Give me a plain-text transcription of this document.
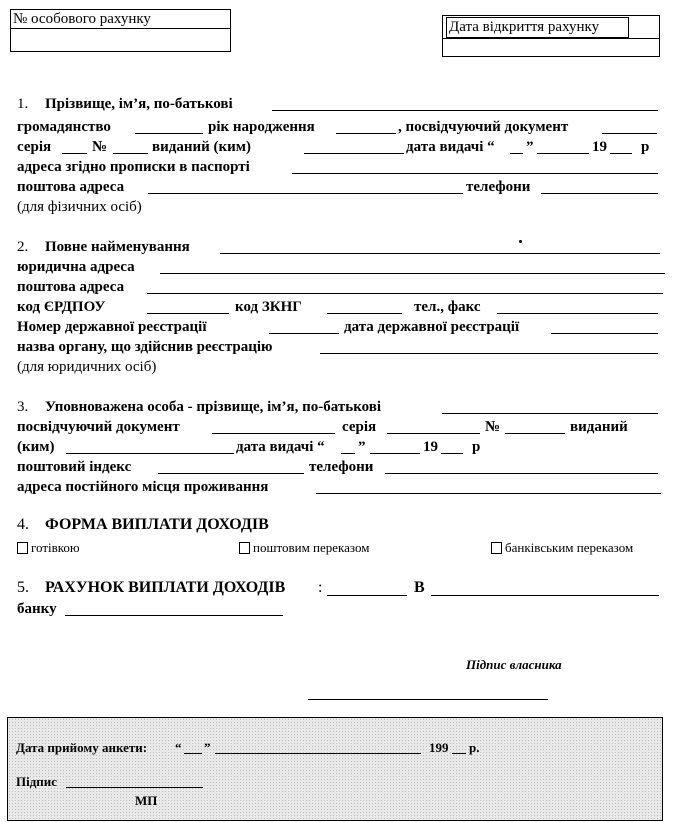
№ особового рахунку	Дата відкриття рахунку
1. Прізвище, ім’я, по-батькові
громадянство	рік народження	, посвідчуючий документ
серія	№	виданий (ким)	дата видачі “ ”	19 р
адреса згідно прописки в паспорті
поштова адреса	телефони
(для фізичних осіб)
2. Повне найменування
юридична адреса
поштова адреса
код ЄРДПОУ	код ЗКНГ	тел., факс
Номер державної реєстрації	дата державної реєстрації
назва органу, що здійснив реєстрацію
(для юридичних осіб)
3. Уповноважена особа - прізвище, ім’я, по-батькові
посвідчуючий документ	серія	№	виданий
(ким)	дата видачі “ ”	19 р
поштовий індекс	телефони
адреса постійного місця проживання
4. ФОРМА ВИПЛАТИ ДОХОДІВ
готівкою	поштовим переказом	банківським переказом
5. РАХУНОК ВИПЛАТИ ДОХОДІВ :	В
банку
Підпис власника
Дата прийому анкети: “ ”	199 р.
Підпис
МП
